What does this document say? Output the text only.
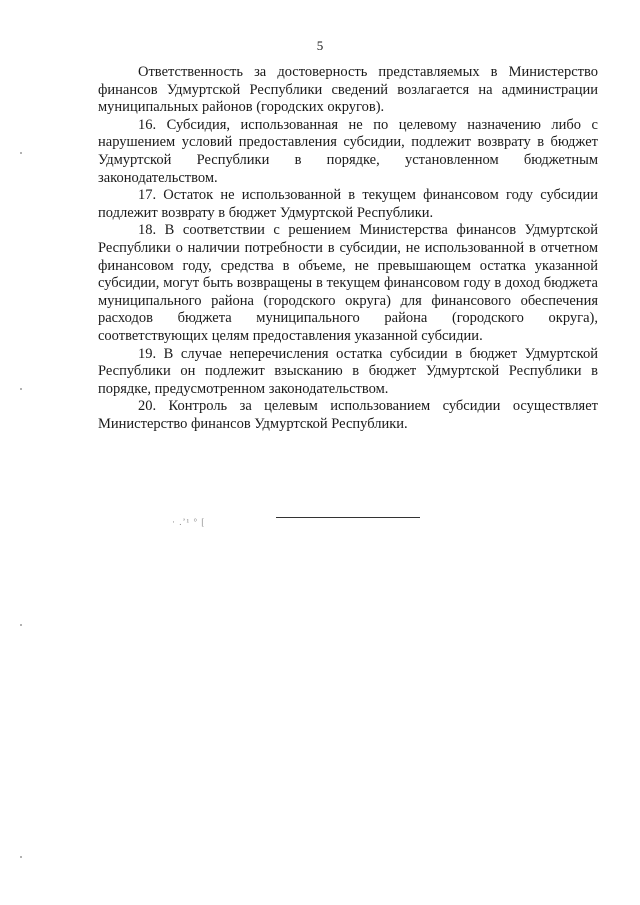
5

Ответственность за достоверность представляемых в Министерство финансов Удмуртской Республики сведений возлагается на администрации муниципальных районов (городских округов).

16. Субсидия, использованная не по целевому назначению либо с нарушением условий предоставления субсидии, подлежит возврату в бюджет Удмуртской Республики в порядке, установленном бюджетным законодательством.

17. Остаток не использованной в текущем финансовом году субсидии подлежит возврату в бюджет Удмуртской Республики.

18. В соответствии с решением Министерства финансов Удмуртской Республики о наличии потребности в субсидии, не использованной в отчетном финансовом году, средства в объеме, не превышающем остатка указанной субсидии, могут быть возвращены в текущем финансовом году в доход бюджета муниципального района (городского округа) для финансового обеспечения расходов бюджета муниципального района (городского округа), соответствующих целям предоставления указанной субсидии.

19. В случае неперечисления остатка субсидии в бюджет Удмуртской Республики он подлежит взысканию в бюджет Удмуртской Республики в порядке, предусмотренном законодательством.

20. Контроль за целевым использованием субсидии осуществляет Министерство финансов Удмуртской Республики.

· .’¹ ° [
